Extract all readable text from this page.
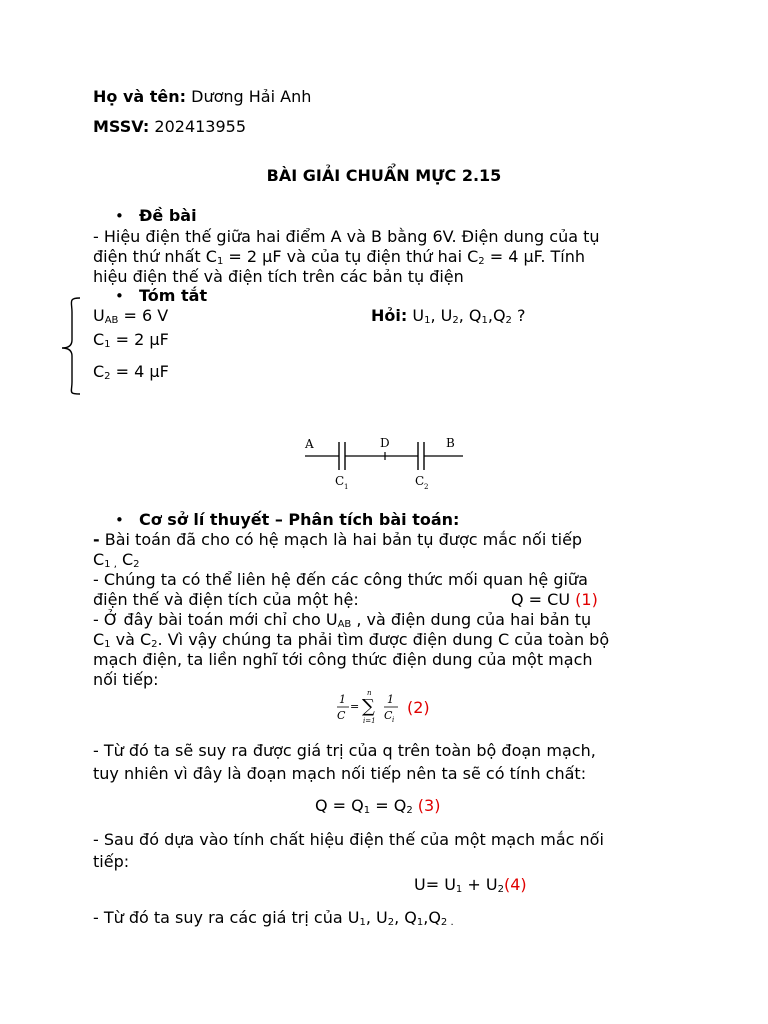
Họ và tên: Dương Hải Anh
MSSV: 202413955
BÀI GIẢI CHUẨN MỰC 2.15
• Đề bài
- Hiệu điện thế giữa hai điểm A và B bằng 6V. Điện dung của tụ
điện thứ nhất $C_1 = 2$ µF và của tụ điện thứ hai $C_2 = 4$ µF. Tính
hiệu điện thế và điện tích trên các bản tụ điện
• Tóm tắt
$U_{AB} = 6$ V	Hỏi: $U_1$, $U_2$, $Q_1,Q_2$ ?
$C_1 = 2$ µF
$C_2 = 4$ µF
A	D	B
C 1	C 2
• Cơ sở lí thuyết – Phân tích bài toán:
- Bài toán đã cho có hệ mạch là hai bản tụ được mắc nối tiếp
$C_{1 ,}$ $C_2$
- Chúng ta có thể liên hệ đến các công thức mối quan hệ giữa
điện thế và điện tích của một hệ:	Q = CU (1)
- Ở đây bài toán mới chỉ cho $U_{AB}$ , và điện dung của hai bản tụ
$C_1$ và $C_2$. Vì vậy chúng ta phải tìm được điện dung C của toàn bộ
mạch điện, ta liền nghĩ tới công thức điện dung của một mạch
nối tiếp:
1
C
=
n
∑
i=1
1
C i
(2)
- Từ đó ta sẽ suy ra được giá trị của q trên toàn bộ đoạn mạch,
tuy nhiên vì đây là đoạn mạch nối tiếp nên ta sẽ có tính chất:
$Q = Q_1 = Q_2$ (3)
- Sau đó dựa vào tính chất hiệu điện thế của một mạch mắc nối
tiếp:
$U= U_1 + U_2(4)$
- Từ đó ta suy ra các giá trị của $U_1$, $U_2$, $Q_1,Q_{2 .}$
